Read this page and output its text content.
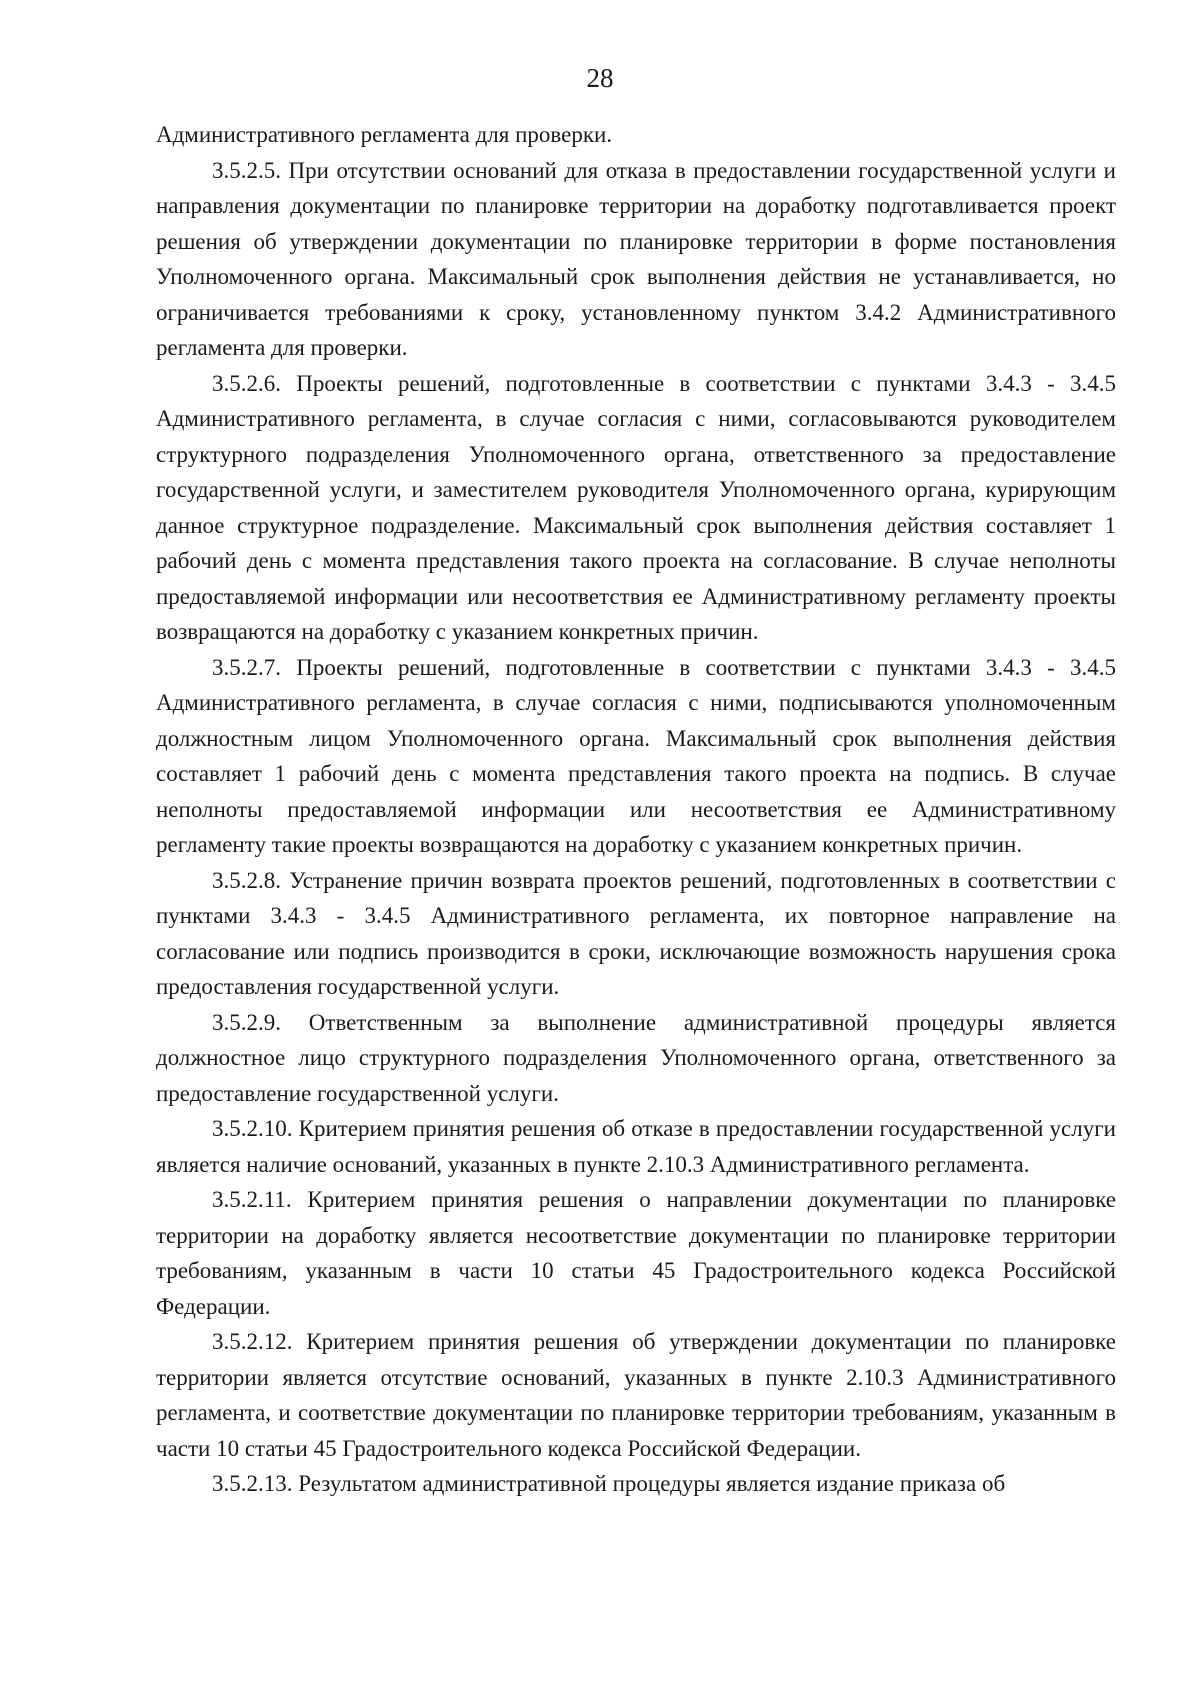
28

Административного регламента для проверки.

3.5.2.5. При отсутствии оснований для отказа в предоставлении государственной услуги и направления документации по планировке территории на доработку подготавливается проект решения об утверждении документации по планировке территории в форме постановления Уполномоченного органа. Максимальный срок выполнения действия не устанавливается, но ограничивается требованиями к сроку, установленному пунктом 3.4.2 Административного регламента для проверки.

3.5.2.6. Проекты решений, подготовленные в соответствии с пунктами 3.4.3 - 3.4.5 Административного регламента, в случае согласия с ними, согласовываются руководителем структурного подразделения Уполномоченного органа, ответственного за предоставление государственной услуги, и заместителем руководителя Уполномоченного органа, курирующим данное структурное подразделение. Максимальный срок выполнения действия составляет 1 рабочий день с момента представления такого проекта на согласование. В случае неполноты предоставляемой информации или несоответствия ее Административному регламенту проекты возвращаются на доработку с указанием конкретных причин.

3.5.2.7. Проекты решений, подготовленные в соответствии с пунктами 3.4.3 - 3.4.5 Административного регламента, в случае согласия с ними, подписываются уполномоченным должностным лицом Уполномоченного органа. Максимальный срок выполнения действия составляет 1 рабочий день с момента представления такого проекта на подпись. В случае неполноты предоставляемой информации или несоответствия ее Административному регламенту такие проекты возвращаются на доработку с указанием конкретных причин.

3.5.2.8. Устранение причин возврата проектов решений, подготовленных в соответствии с пунктами 3.4.3 - 3.4.5 Административного регламента, их повторное направление на согласование или подпись производится в сроки, исключающие возможность нарушения срока предоставления государственной услуги.

3.5.2.9. Ответственным за выполнение административной процедуры является должностное лицо структурного подразделения Уполномоченного органа, ответственного за предоставление государственной услуги.

3.5.2.10. Критерием принятия решения об отказе в предоставлении государственной услуги является наличие оснований, указанных в пункте 2.10.3 Административного регламента.

3.5.2.11. Критерием принятия решения о направлении документации по планировке территории на доработку является несоответствие документации по планировке территории требованиям, указанным в части 10 статьи 45 Градостроительного кодекса Российской Федерации.

3.5.2.12. Критерием принятия решения об утверждении документации по планировке территории является отсутствие оснований, указанных в пункте 2.10.3 Административного регламента, и соответствие документации по планировке территории требованиям, указанным в части 10 статьи 45 Градостроительного кодекса Российской Федерации.

3.5.2.13. Результатом административной процедуры является издание приказа об
